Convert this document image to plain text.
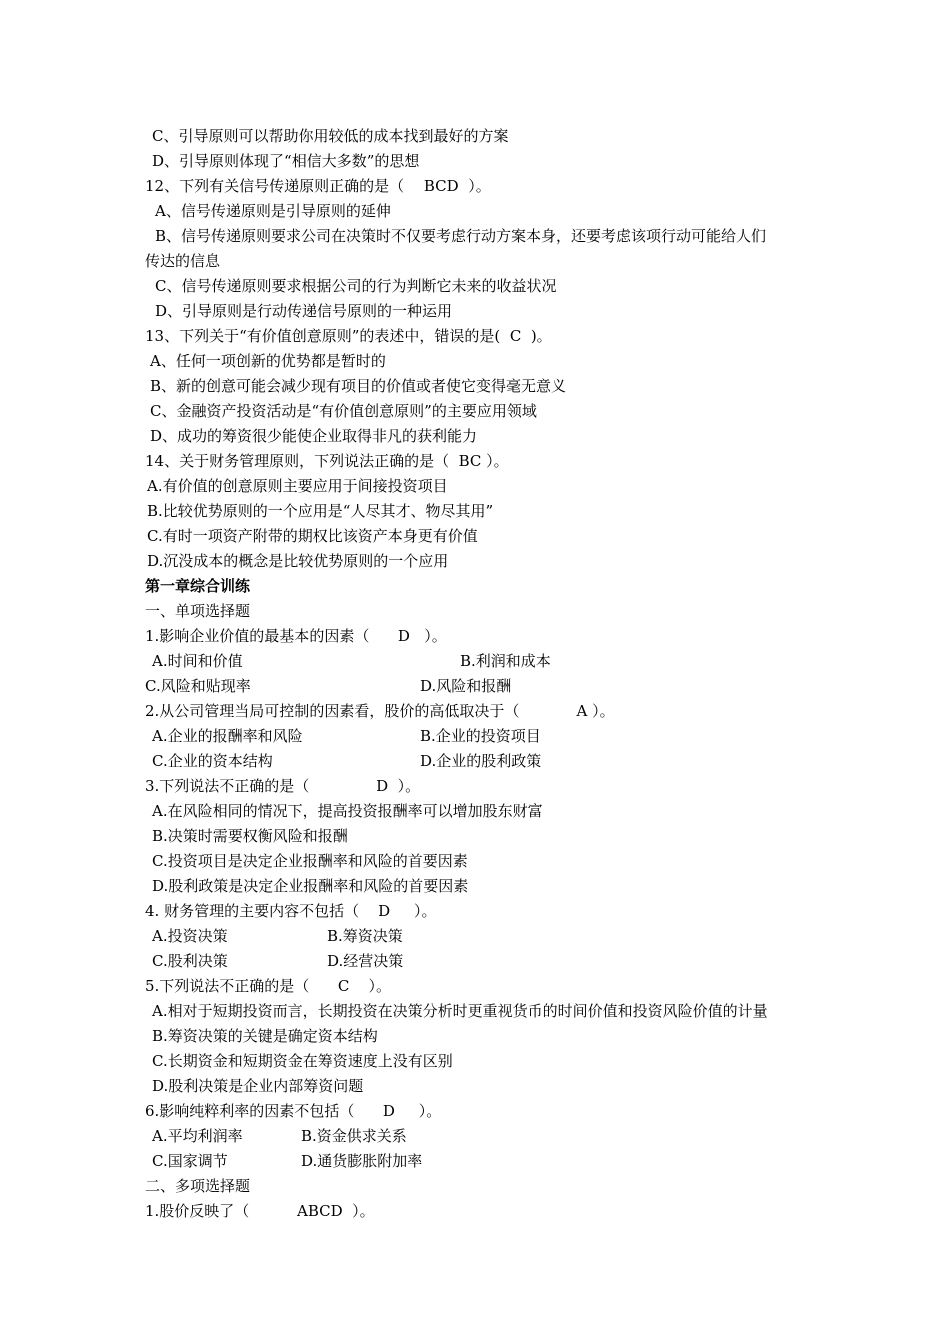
C、引导原则可以帮助你用较低的成本找到最好的方案
D、引导原则体现了“相信大多数”的思想
12、下列有关信号传递原则正确的是（　 BCD  ）。
A、信号传递原则是引导原则的延伸
B、信号传递原则要求公司在决策时不仅要考虑行动方案本身，还要考虑该项行动可能给人们
传达的信息
C、信号传递原则要求根据公司的行为判断它未来的收益状况
D、引导原则是行动传递信号原则的一种运用
13、下列关于“有价值创意原则”的表述中，错误的是(  C  )。
A、任何一项创新的优势都是暂时的
B、新的创意可能会减少现有项目的价值或者使它变得毫无意义
C、金融资产投资活动是“有价值创意原则”的主要应用领域
D、成功的筹资很少能使企业取得非凡的获利能力
14、关于财务管理原则，下列说法正确的是（  BC ）。
A.有价值的创意原则主要应用于间接投资项目
B.比较优势原则的一个应用是“人尽其才、物尽其用”
C.有时一项资产附带的期权比该资产本身更有价值
D.沉没成本的概念是比较优势原则的一个应用
第一章综合训练
一、单项选择题
1.影响企业价值的最基本的因素（      D   ）。
A.时间和价值	B.利润和成本
C.风险和贴现率	D.风险和报酬
2.从公司管理当局可控制的因素看，股价的高低取决于（            A ）。
A.企业的报酬率和风险	B.企业的投资项目
C.企业的资本结构	D.企业的股利政策
3.下列说法不正确的是（              D  ）。
A.在风险相同的情况下，提高投资报酬率可以增加股东财富
B.决策时需要权衡风险和报酬
C.投资项目是决定企业报酬率和风险的首要因素
D.股利政策是决定企业报酬率和风险的首要因素
4. 财务管理的主要内容不包括（    D     ）。
A.投资决策	B.筹资决策
C.股利决策	D.经营决策
5.下列说法不正确的是（      C    ）。
A.相对于短期投资而言，长期投资在决策分析时更重视货币的时间价值和投资风险价值的计量
B.筹资决策的关键是确定资本结构
C.长期资金和短期资金在筹资速度上没有区别
D.股利决策是企业内部筹资问题
6.影响纯粹利率的因素不包括（      D     ）。
A.平均利润率	B.资金供求关系
C.国家调节	D.通货膨胀附加率
二、多项选择题
1.股价反映了（          ABCD  ）。
